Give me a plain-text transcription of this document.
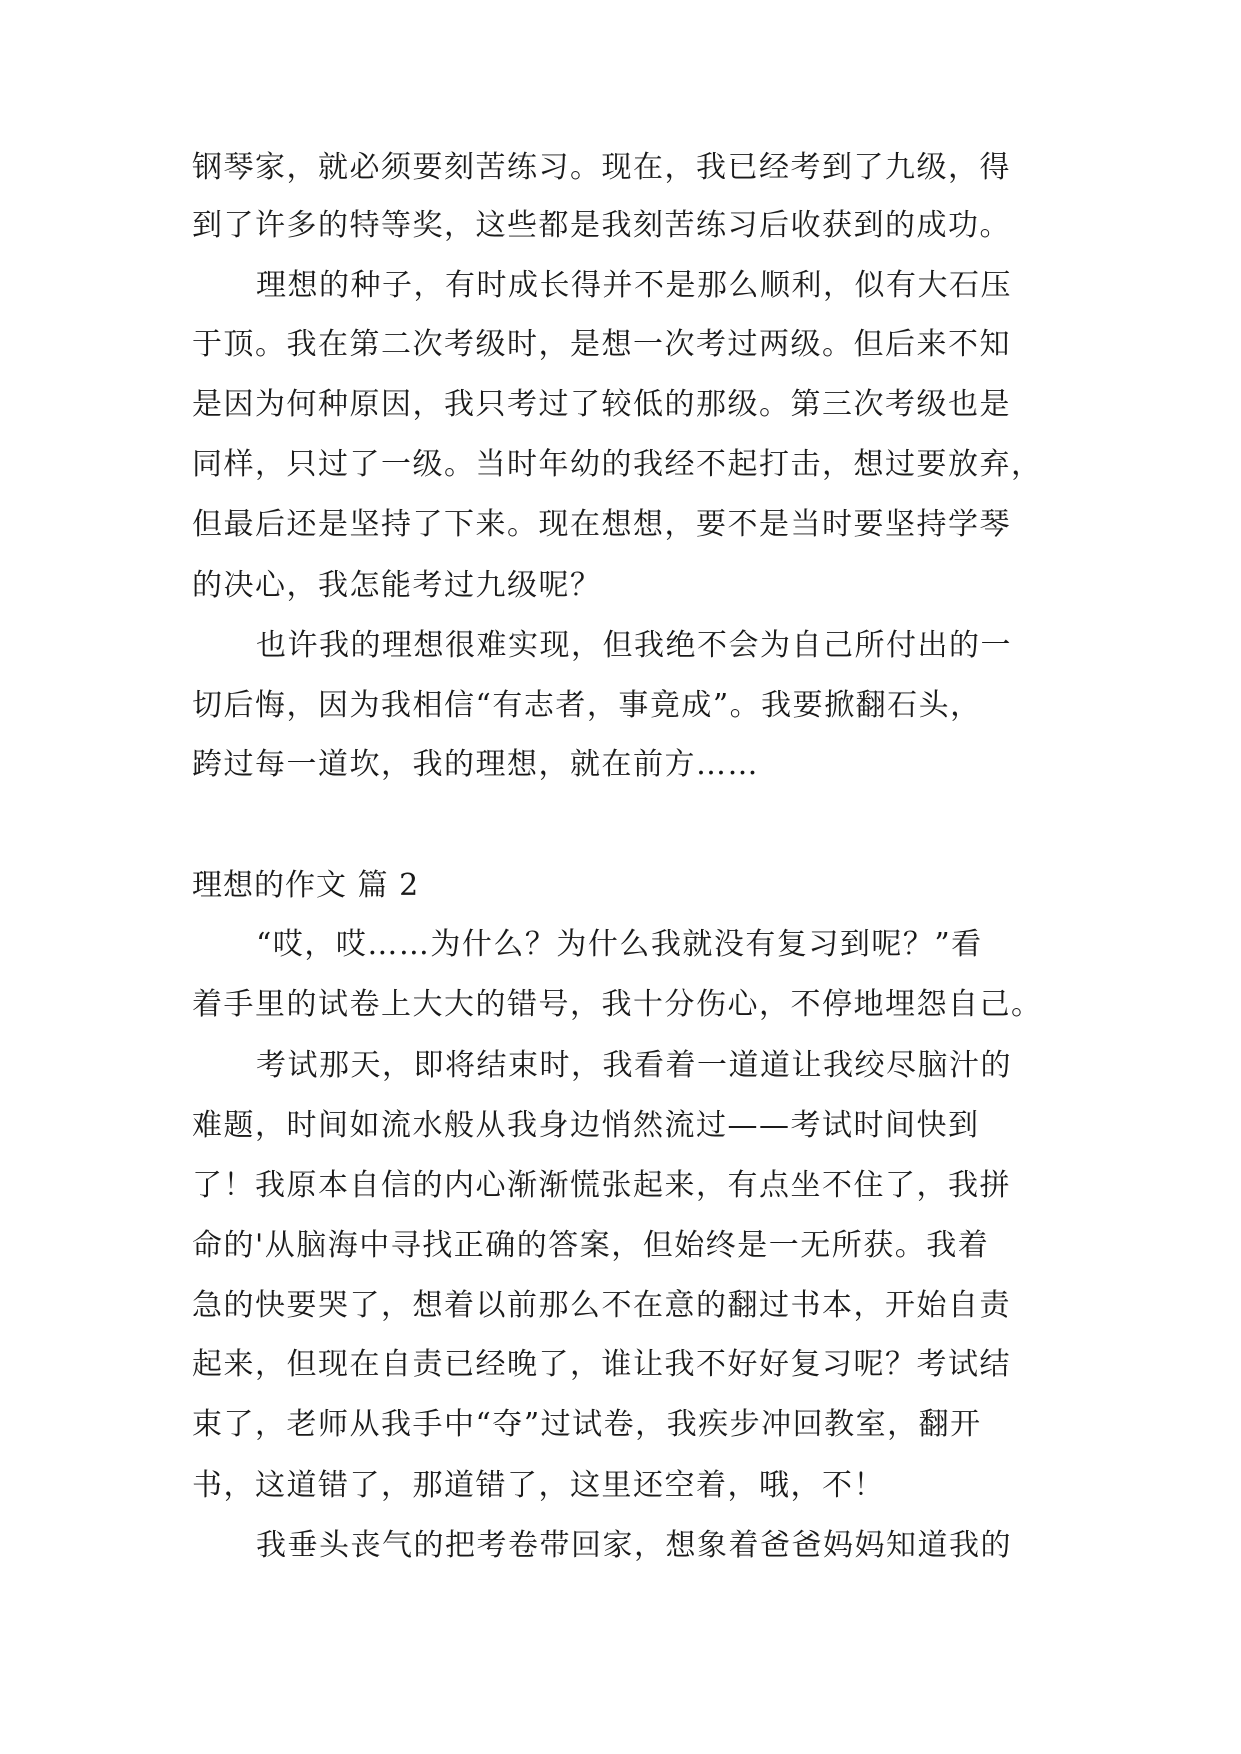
钢琴家，就必须要刻苦练习。现在，我已经考到了九级，得
到了许多的特等奖，这些都是我刻苦练习后收获到的成功。
理想的种子，有时成长得并不是那么顺利，似有大石压
于顶。我在第二次考级时，是想一次考过两级。但后来不知
是因为何种原因，我只考过了较低的那级。第三次考级也是
同样，只过了一级。当时年幼的我经不起打击，想过要放弃，
但最后还是坚持了下来。现在想想，要不是当时要坚持学琴
的决心，我怎能考过九级呢？
也许我的理想很难实现，但我绝不会为自己所付出的一
切后悔，因为我相信“有志者，事竟成”。我要掀翻石头，
跨过每一道坎，我的理想，就在前方……
理想的作文 篇 2
“哎，哎……为什么？为什么我就没有复习到呢？”看
着手里的试卷上大大的错号，我十分伤心，不停地埋怨自己。
考试那天，即将结束时，我看着一道道让我绞尽脑汁的
难题，时间如流水般从我身边悄然流过——考试时间快到
了！我原本自信的内心渐渐慌张起来，有点坐不住了，我拼
命的'从脑海中寻找正确的答案，但始终是一无所获。我着
急的快要哭了，想着以前那么不在意的翻过书本，开始自责
起来，但现在自责已经晚了，谁让我不好好复习呢？考试结
束了，老师从我手中“夺”过试卷，我疾步冲回教室，翻开
书，这道错了，那道错了，这里还空着，哦，不！
我垂头丧气的把考卷带回家，想象着爸爸妈妈知道我的
